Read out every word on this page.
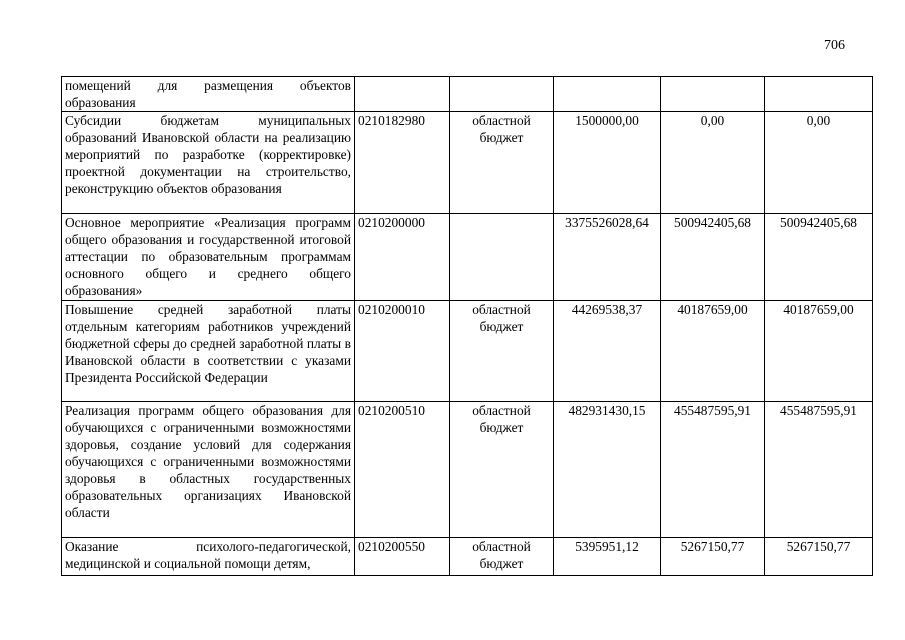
706
помещений для размещения объектов образования					
Субсидии бюджетам муниципальных образований Ивановской области на реализацию мероприятий по разработке (корректировке) проектной документации на строительство, реконструкцию объектов образования	0210182980	областной бюджет	1500000,00	0,00	0,00
Основное мероприятие «Реализация программ общего образования и государственной итоговой аттестации по образовательным программам основного общего и среднего общего образования»	0210200000		3375526028,64	500942405,68	500942405,68
Повышение средней заработной платы отдельным категориям работников учреждений бюджетной сферы до средней заработной платы в Ивановской области в соответствии с указами Президента Российской Федерации	0210200010	областной бюджет	44269538,37	40187659,00	40187659,00
Реализация программ общего образования для обучающихся с ограниченными возможностями здоровья, создание условий для содержания обучающихся с ограниченными возможностями здоровья в областных государственных образовательных организациях Ивановской области	0210200510	областной бюджет	482931430,15	455487595,91	455487595,91
Оказание психолого-педагогической, медицинской и социальной помощи детям,	0210200550	областной бюджет	5395951,12	5267150,77	5267150,77
